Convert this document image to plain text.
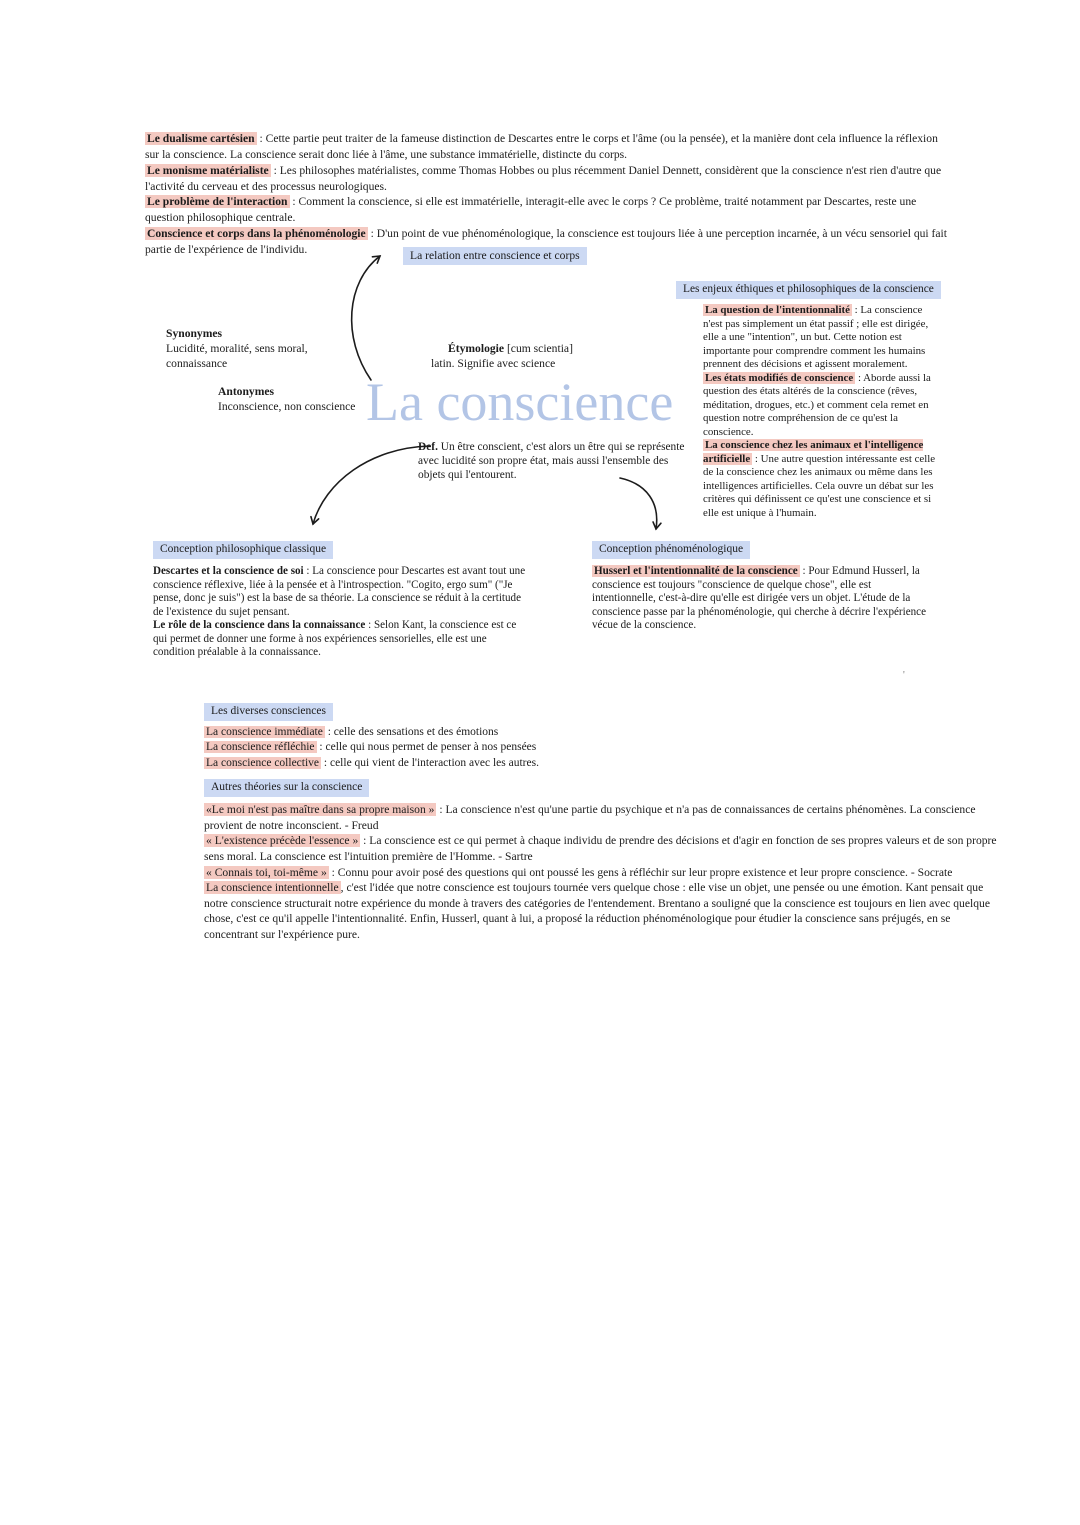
Le dualisme cartésien : Cette partie peut traiter de la fameuse distinction de Descartes entre le corps et l'âme (ou la pensée), et la manière dont cela influence la réflexion sur la conscience. La conscience serait donc liée à l'âme, une substance immatérielle, distincte du corps.

Le monisme matérialiste : Les philosophes matérialistes, comme Thomas Hobbes ou plus récemment Daniel Dennett, considèrent que la conscience n'est rien d'autre que l'activité du cerveau et des processus neurologiques.

Le problème de l'interaction : Comment la conscience, si elle est immatérielle, interagit-elle avec le corps ? Ce problème, traité notamment par Descartes, reste une question philosophique centrale.

Conscience et corps dans la phénoménologie : D'un point de vue phénoménologique, la conscience est toujours liée à une perception incarnée, à un vécu sensoriel qui fait partie de l'expérience de l'individu.	La relation entre conscience et corps
Les enjeux éthiques et philosophiques de la conscience

La question de l'intentionnalité : La conscience n'est pas simplement un état passif ; elle est dirigée, elle a une "intention", un but. Cette notion est importante pour comprendre comment les humains prennent des décisions et agissent moralement.

Les états modifiés de conscience : Aborde aussi la question des états altérés de la conscience (rêves, méditation, drogues, etc.) et comment cela remet en question notre compréhension de ce qu'est la conscience.

La conscience chez les animaux et l'intelligence artificielle : Une autre question intéressante est celle de la conscience chez les animaux ou même dans les intelligences artificielles. Cela ouvre un débat sur les critères qui définissent ce qu'est une conscience et si elle est unique à l'humain.

Synonymes
Lucidité, moralité, sens moral, connaissance
Antonymes
Inconscience, non conscience
Étymologie [cum scientia]
latin. Signifie avec science
La conscience
Def. Un être conscient, c'est alors un être qui se représente avec lucidité son propre état, mais aussi l'ensemble des objets qui l'entourent.
Conception philosophique classique

Descartes et la conscience de soi : La conscience pour Descartes est avant tout une conscience réflexive, liée à la pensée et à l'introspection. "Cogito, ergo sum" ("Je pense, donc je suis") est la base de sa théorie. La conscience se réduit à la certitude de l'existence du sujet pensant.

Le rôle de la conscience dans la connaissance : Selon Kant, la conscience est ce qui permet de donner une forme à nos expériences sensorielles, elle est une condition préalable à la connaissance.

Conception phénoménologique

Husserl et l'intentionnalité de la conscience : Pour Edmund Husserl, la conscience est toujours "conscience de quelque chose", elle est intentionnelle, c'est-à-dire qu'elle est dirigée vers un objet. L'étude de la conscience passe par la phénoménologie, qui cherche à décrire l'expérience vécue de la conscience.

'
Les diverses consciences

La conscience immédiate : celle des sensations et des émotions

La conscience réfléchie : celle qui nous permet de penser à nos pensées

La conscience collective : celle qui vient de l'interaction avec les autres.

Autres théories sur la conscience

«Le moi n'est pas maître dans sa propre maison » : La conscience n'est qu'une partie du psychique et n'a pas de connaissances de certains phénomènes. La conscience provient de notre inconscient. - Freud

« L'existence précède l'essence » : La conscience est ce qui permet à chaque individu de prendre des décisions et d'agir en fonction de ses propres valeurs et de son propre sens moral. La conscience est l'intuition première de l'Homme. - Sartre

« Connais toi, toi-même » : Connu pour avoir posé des questions qui ont poussé les gens à réfléchir sur leur propre existence et leur propre conscience. - Socrate

La conscience intentionnelle , c'est l'idée que notre conscience est toujours tournée vers quelque chose : elle vise un objet, une pensée ou une émotion. Kant pensait que notre conscience structurait notre expérience du monde à travers des catégories de l'entendement. Brentano a souligné que la conscience est toujours en lien avec quelque chose, c'est ce qu'il appelle l'intentionnalité. Enfin, Husserl, quant à lui, a proposé la réduction phénoménologique pour étudier la conscience sans préjugés, en se concentrant sur l'expérience pure.
